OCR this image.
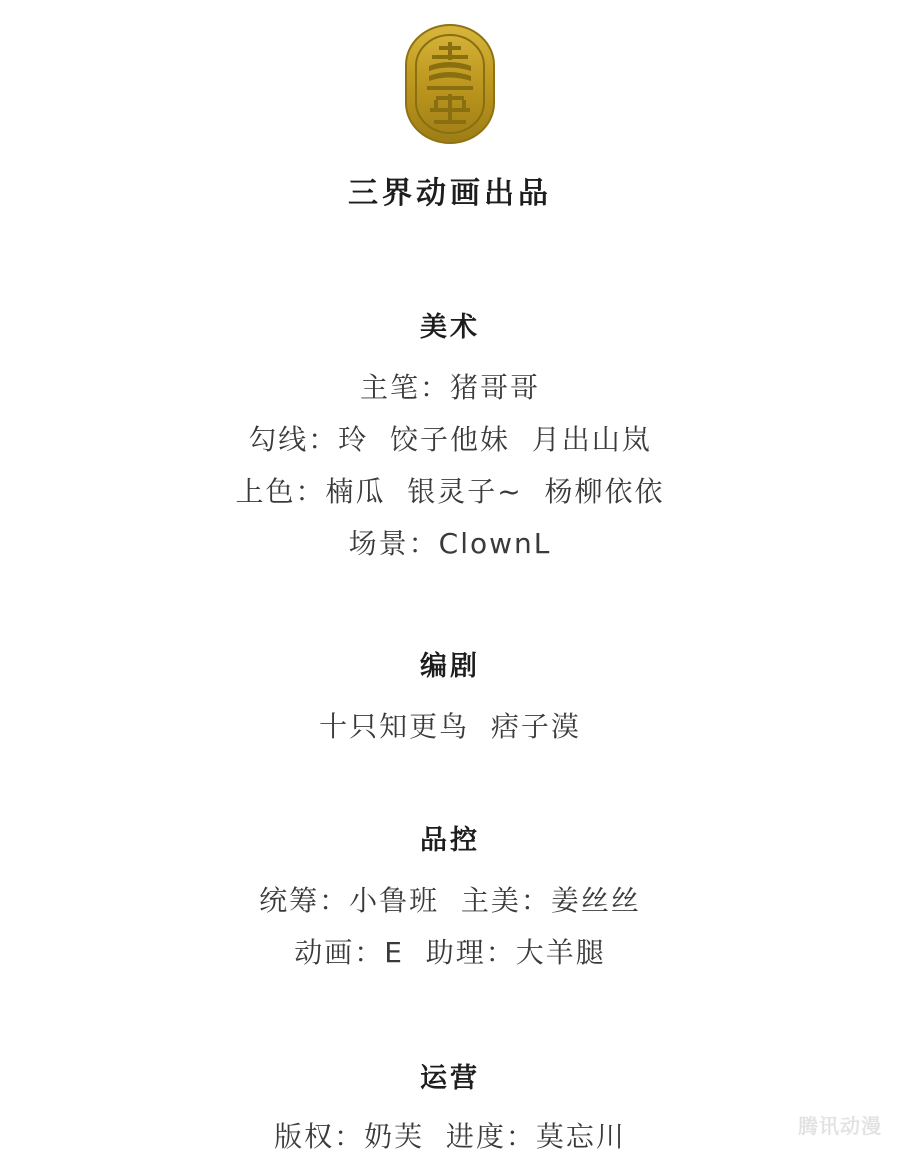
三界动画出品
美术
主笔：猪哥哥
勾线：玲  饺子他妹  月出山岚
上色：楠瓜  银灵子~  杨柳依依
场景：ClownL
编剧
十只知更鸟  痞子漠
品控
统筹：小鲁班  主美：姜丝丝
动画：E  助理：大羊腿
运营
版权：奶芙  进度：莫忘川	腾讯动漫
